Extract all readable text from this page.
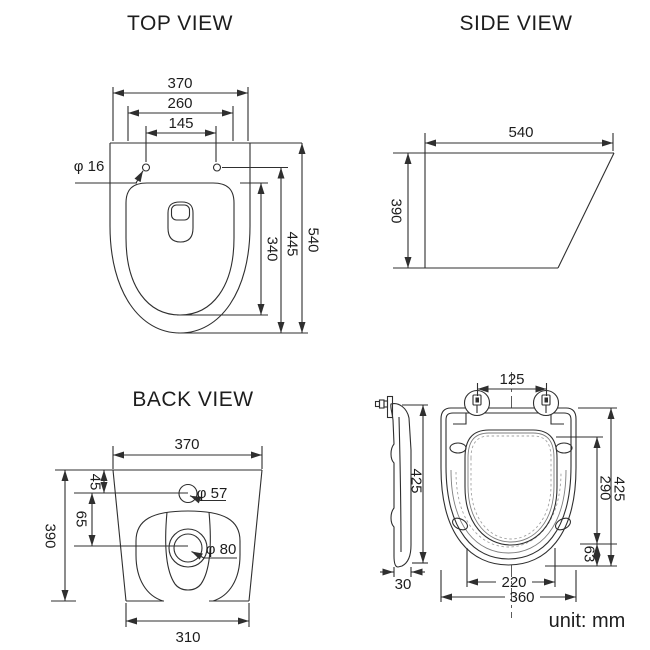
TOP VIEW
370
260
145
φ 16
340 445 540
SIDE VIEW
540
390
BACK VIEW
370
45
φ 57
65
φ 80
390
310
425
30
125
290
63
425
220
360
unit: mm
